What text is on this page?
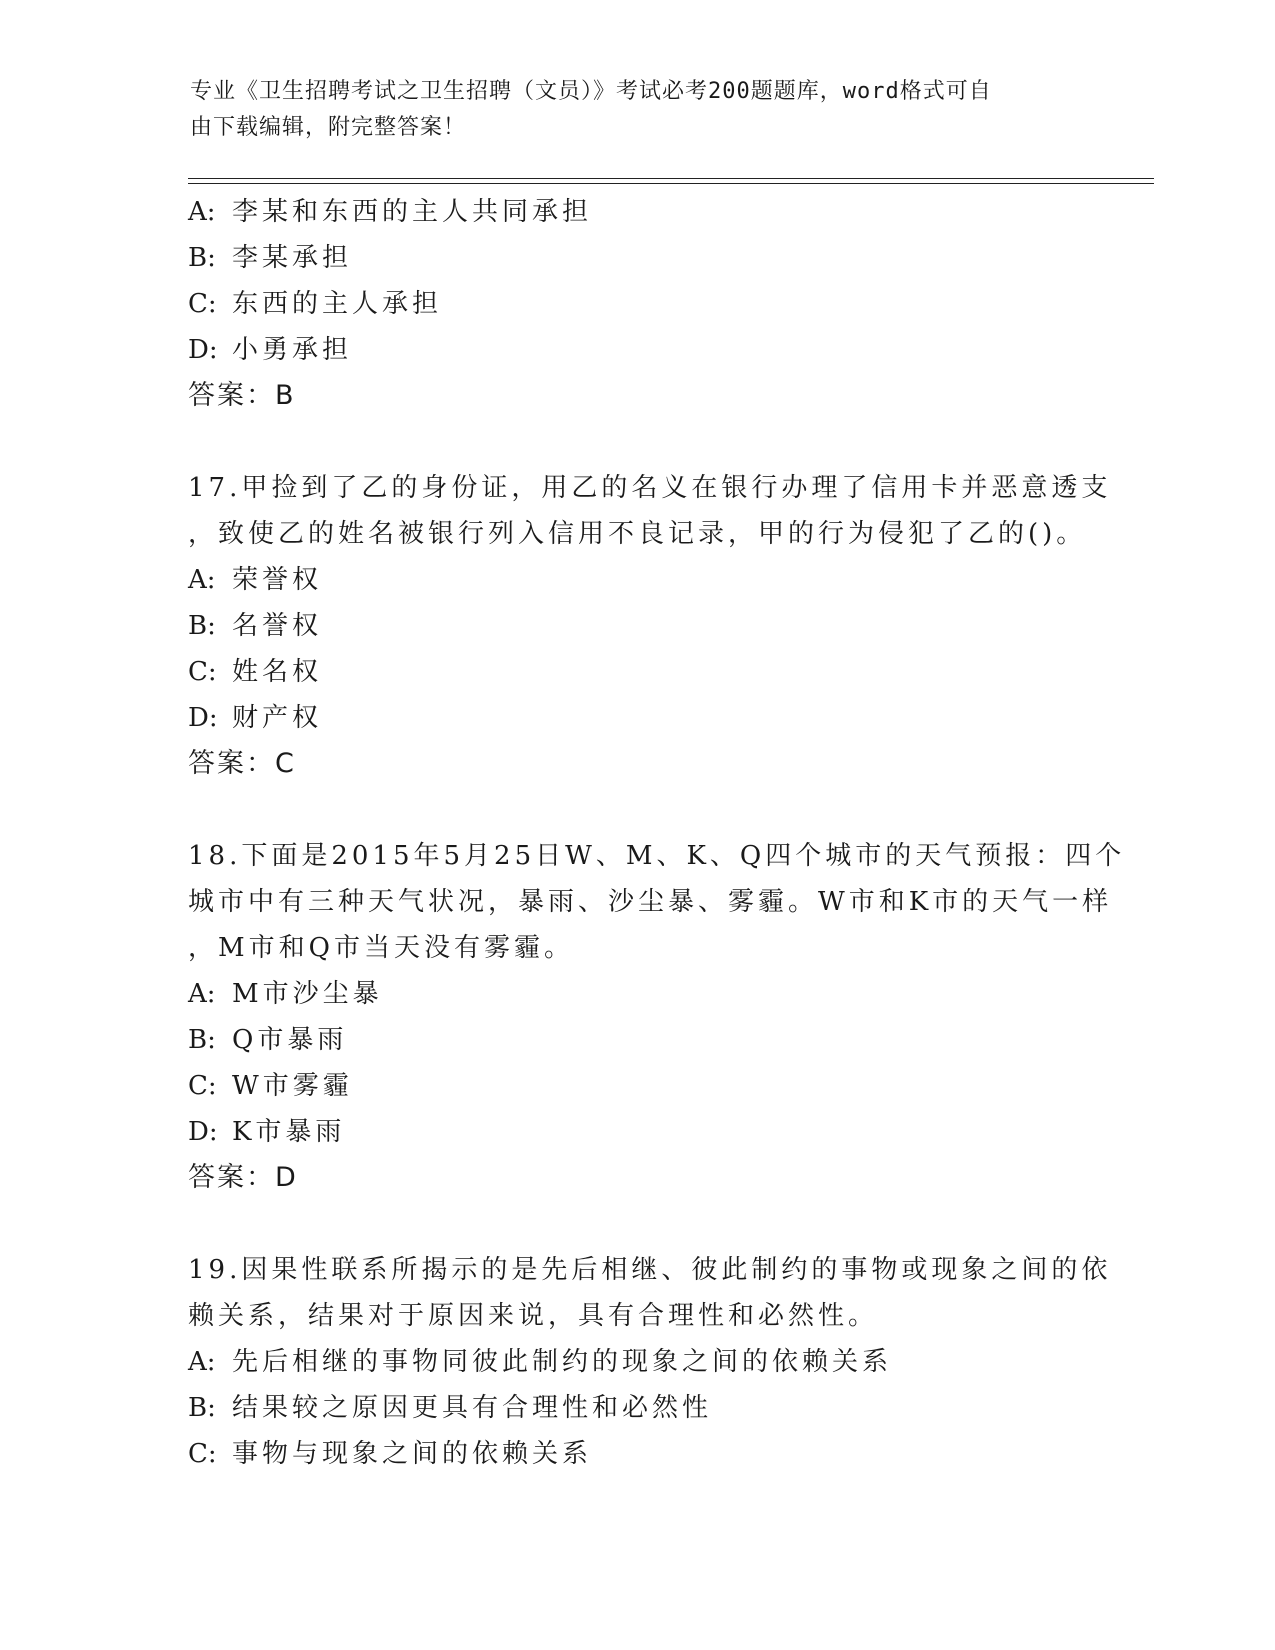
专业《卫生招聘考试之卫生招聘（文员）》考试必考200题题库，word格式可自
由下载编辑，附完整答案！
A: 李某和东西的主人共同承担
B: 李某承担
C: 东西的主人承担
D: 小勇承担
答案：B
17.甲捡到了乙的身份证，用乙的名义在银行办理了信用卡并恶意透支
，致使乙的姓名被银行列入信用不良记录，甲的行为侵犯了乙的()。
A: 荣誉权
B: 名誉权
C: 姓名权
D: 财产权
答案：C
18.下面是2015年5月25日W、M、K、Q四个城市的天气预报：四个
城市中有三种天气状况，暴雨、沙尘暴、雾霾。W市和K市的天气一样
，M市和Q市当天没有雾霾。
A: M市沙尘暴
B: Q市暴雨
C: W市雾霾
D: K市暴雨
答案：D
19.因果性联系所揭示的是先后相继、彼此制约的事物或现象之间的依
赖关系，结果对于原因来说，具有合理性和必然性。
A: 先后相继的事物同彼此制约的现象之间的依赖关系
B: 结果较之原因更具有合理性和必然性
C: 事物与现象之间的依赖关系
